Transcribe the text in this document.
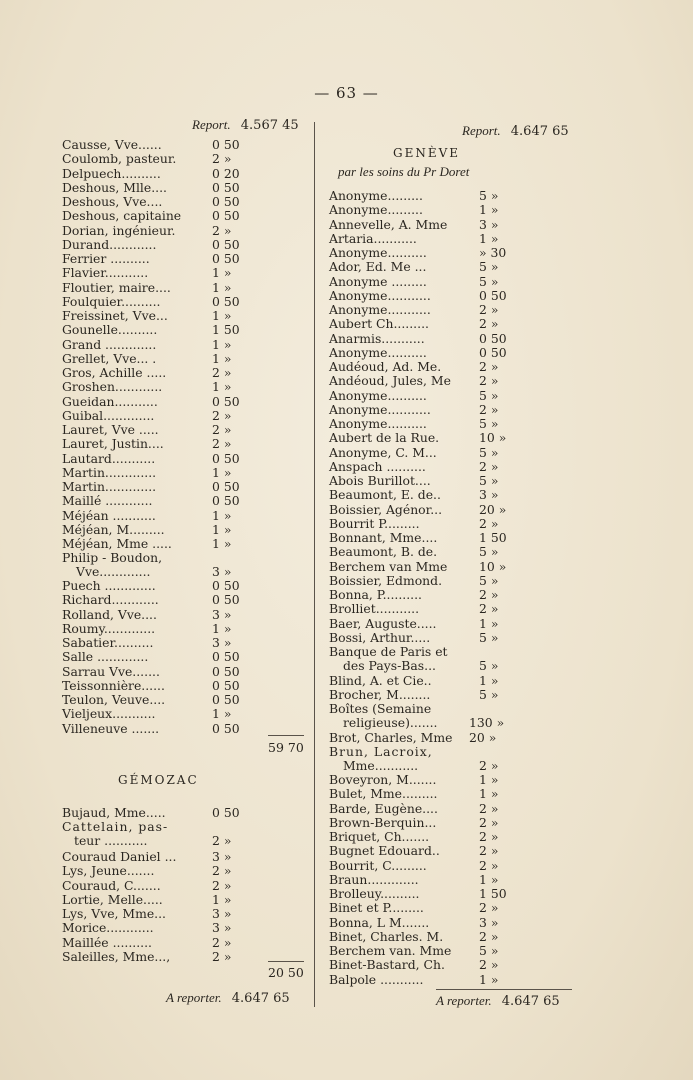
— 63 —
Report. 4.567 45
Causse, Vve......	0 50
Coulomb, pasteur.	2 »
Delpuech..........	0 20
Deshous, Mlle....	0 50
Deshous, Vve....	0 50
Deshous, capitaine 0 50
Dorian, ingénieur.	2 »
Durand............	0 50
Ferrier ..........	0 50
Flavier...........	1 »
Floutier, maire....	1 »
Foulquier..........	0 50
Freissinet, Vve...	1 »
Gounelle..........	1 50
Grand .............	1 »
Grellet, Vve... .	1 »
Gros, Achille .....	2 »
Groshen............	1 »
Gueidan...........	0 50
Guibal.............	2 »
Lauret, Vve .....	2 »
Lauret, Justin....	2 »
Lautard...........	0 50
Martin.............	1 »
Martin.............	0 50
Maillé ............	0 50
Méjéan ...........	1 »
Méjéan, M.........	1 »
Méjéan, Mme .....	1 »
Philip - Boudon,
Vve.............	3 »
Puech .............	0 50
Richard............	0 50
Rolland, Vve....	3 »
Roumy.............	1 »
Sabatier..........	3 »
Salle .............	0 50
Sarrau Vve.......	0 50
Teissonnière......	0 50
Teulon, Veuve....	0 50
Vieljeux...........	1 »
Villeneuve .......	0 50
59 70
GÉMOZAC
Bujaud, Mme.....	0 50
Cattelain, pas-
teur ...........	2 »
Couraud Daniel ...	3 »
Lys, Jeune.......	2 »
Couraud, C.......	2 »
Lortie, Melle.....	1 »
Lys, Vve, Mme...	3 »
Morice............	3 »
Maillée ..........	2 »
Saleilles, Mme...,	2 »
20 50
A reporter. 4.647 65
Report. 4.647 65
GENÈVE
par les soins du Pr Doret
Anonyme.........	5 »
Anonyme.........	1 »
Annevelle, A. Mme	3 »
Artaria...........	1 »
Anonyme..........	» 30
Ador, Ed. Me ...	5 »
Anonyme .........	5 »
Anonyme...........	0 50
Anonyme...........	2 »
Aubert Ch.........	2 »
Anarmis...........	0 50
Anonyme..........	0 50
Audéoud, Ad. Me.	2 »
Andéoud, Jules, Me 2 »
Anonyme..........	5 »
Anonyme...........	2 »
Anonyme..........	5 »
Aubert de la Rue.	10 »
Anonyme, C. M...	5 »
Anspach ..........	2 »
Abois Burillot....	5 »
Beaumont, E. de..	3 »
Boissier, Agénor...	20 »
Bourrit P.........	2 »
Bonnant, Mme....	1 50
Beaumont, B. de.	5 »
Berchem van Mme	10 »
Boissier, Edmond.	5 »
Bonna, P..........	2 »
Brolliet...........	2 »
Baer, Auguste.....	1 »
Bossi, Arthur.....	5 »
Banque de Paris et
des Pays-Bas...	5 »
Blind, A. et Cie..	1 »
Brocher, M........	5 »
Boîtes (Semaine
religieuse).......	130 »
Brot, Charles, Mme 20 »
Brun, Lacroix,
Mme...........	2 »
Boveyron, M.......	1 »
Bulet, Mme.........	1 »
Barde, Eugène....	2 »
Brown-Berquin...	2 »
Briquet, Ch.......	2 »
Bugnet Edouard..	2 »
Bourrit, C.........	2 »
Braun.............	1 »
Brolleuy..........	1 50
Binet et P.........	2 »
Bonna, L M.......	3 »
Binet, Charles. M.	2 »
Berchem van. Mme 5 »
Binet-Bastard, Ch.	2 »
Balpole ...........	1 »
A reporter. 4.647 65
